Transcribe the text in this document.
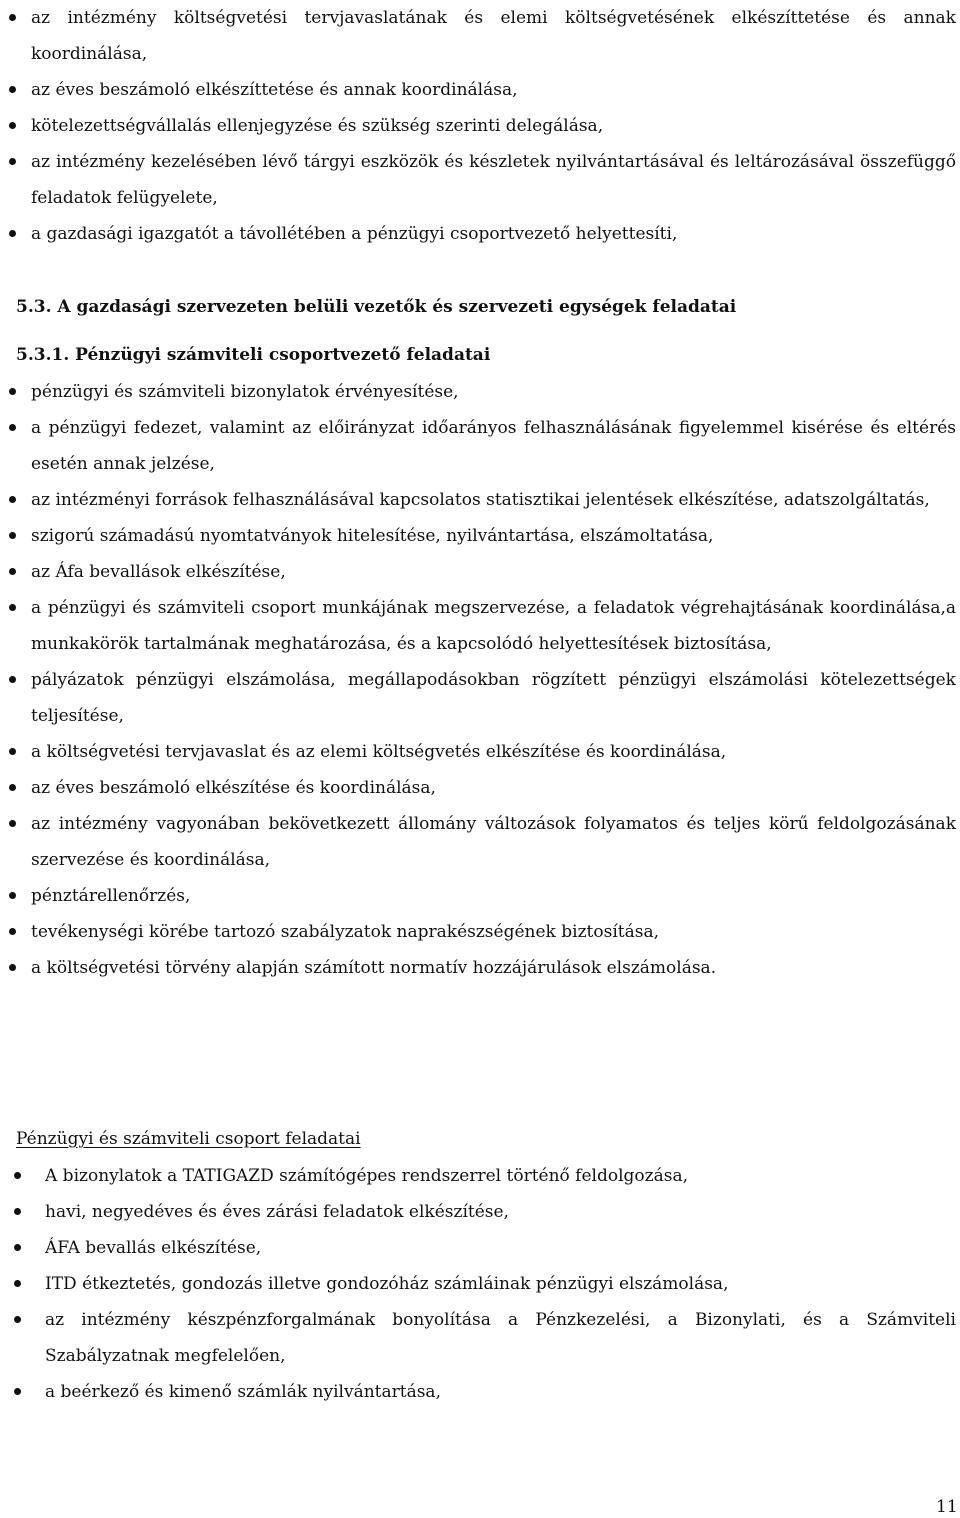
az intézmény költségvetési tervjavaslatának és elemi költségvetésének elkészíttetése és annak koordinálása,
az éves beszámoló elkészíttetése és annak koordinálása,
kötelezettségvállalás ellenjegyzése és szükség szerinti delegálása,
az intézmény kezelésében lévő tárgyi eszközök és készletek nyilvántartásával és leltározásával összefüggő feladatok felügyelete,
a gazdasági igazgatót a távollétében a pénzügyi csoportvezető helyettesíti,
5.3. A gazdasági szervezeten belüli vezetők és szervezeti egységek feladatai
5.3.1. Pénzügyi számviteli csoportvezető feladatai
pénzügyi és számviteli bizonylatok érvényesítése,
a pénzügyi fedezet, valamint az előirányzat időarányos felhasználásának figyelemmel kisérése és eltérés esetén annak jelzése,
az intézményi források felhasználásával kapcsolatos statisztikai jelentések elkészítése, adatszolgáltatás,
szigorú számadású nyomtatványok hitelesítése, nyilvántartása, elszámoltatása,
az Áfa bevallások elkészítése,
a pénzügyi és számviteli csoport munkájának megszervezése, a feladatok végrehajtásának koordinálása,a munkakörök tartalmának meghatározása, és a kapcsolódó helyettesítések biztosítása,
pályázatok pénzügyi elszámolása, megállapodásokban rögzített pénzügyi elszámolási kötelezettségek teljesítése,
a költségvetési tervjavaslat és az elemi költségvetés elkészítése és koordinálása,
az éves beszámoló elkészítése és koordinálása,
az intézmény vagyonában bekövetkezett állomány változások folyamatos és teljes körű feldolgozásának szervezése és koordinálása,
pénztárellenőrzés,
tevékenységi körébe tartozó szabályzatok naprakészségének biztosítása,
a költségvetési törvény alapján számított normatív hozzájárulások elszámolása.
Pénzügyi és számviteli csoport feladatai
A bizonylatok a TATIGAZD számítógépes rendszerrel történő feldolgozása,
havi, negyedéves és éves zárási feladatok elkészítése,
ÁFA bevallás elkészítése,
ITD étkeztetés, gondozás illetve gondozóház számláinak pénzügyi elszámolása,
az intézmény készpénzforgalmának bonyolítása a Pénzkezelési, a Bizonylati, és a Számviteli Szabályzatnak megfelelően,
a beérkező és kimenő számlák nyilvántartása,
11
